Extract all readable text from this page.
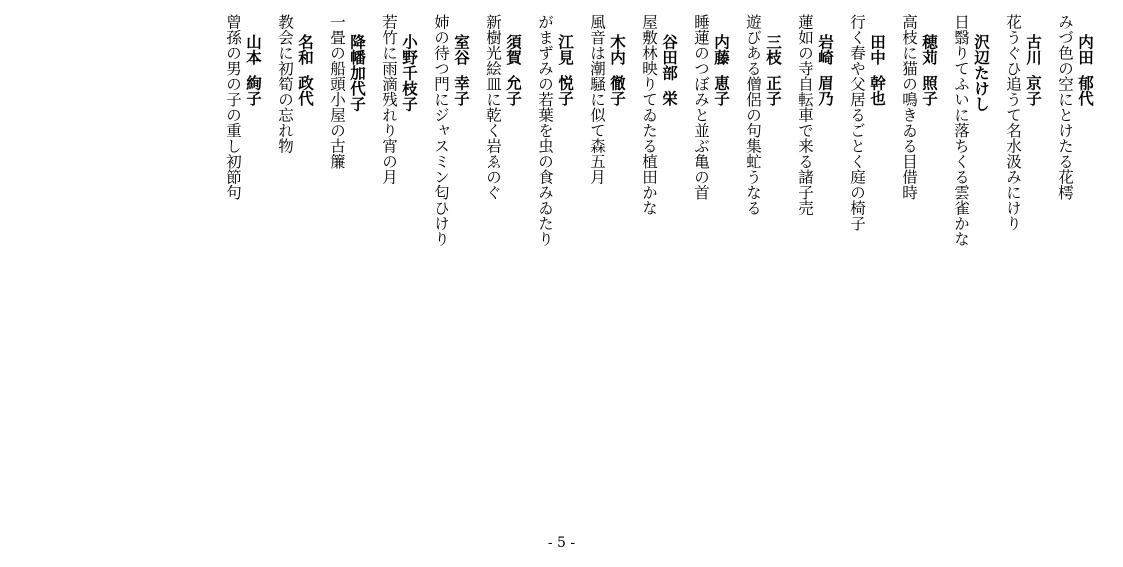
内田郁代
みづ色の空にとけたる花樗
古川京子
花うぐひ追うて名水汲みにけり
沢辺たけし
日翳りてふいに落ちくる雲雀かな
穂苅照子
高枝に猫の鳴きゐる目借時
田中幹也
行く春や父居るごとく庭の椅子
岩崎眉乃
蓮如の寺自転車で来る諸子売
三枝正子
遊びある僧侶の句集虻うなる
内藤恵子
睡蓮のつぼみと並ぶ亀の首
谷田部栄
屋敷林映りてゐたる植田かな
木内徹子
風音は潮騒に似て森五月
江見悦子
がまずみの若葉を虫の食みゐたり
須賀允子
新樹光絵皿に乾く岩ゑのぐ
室谷幸子
姉の待つ門にジャスミン匂ひけり
小野千枝子
若竹に雨滴残れり宵の月
降幡加代子
一畳の船頭小屋の古簾
名和政代
教会に初筍の忘れ物
山本絢子
曾孫の男の子の重し初節句
- 5 -
